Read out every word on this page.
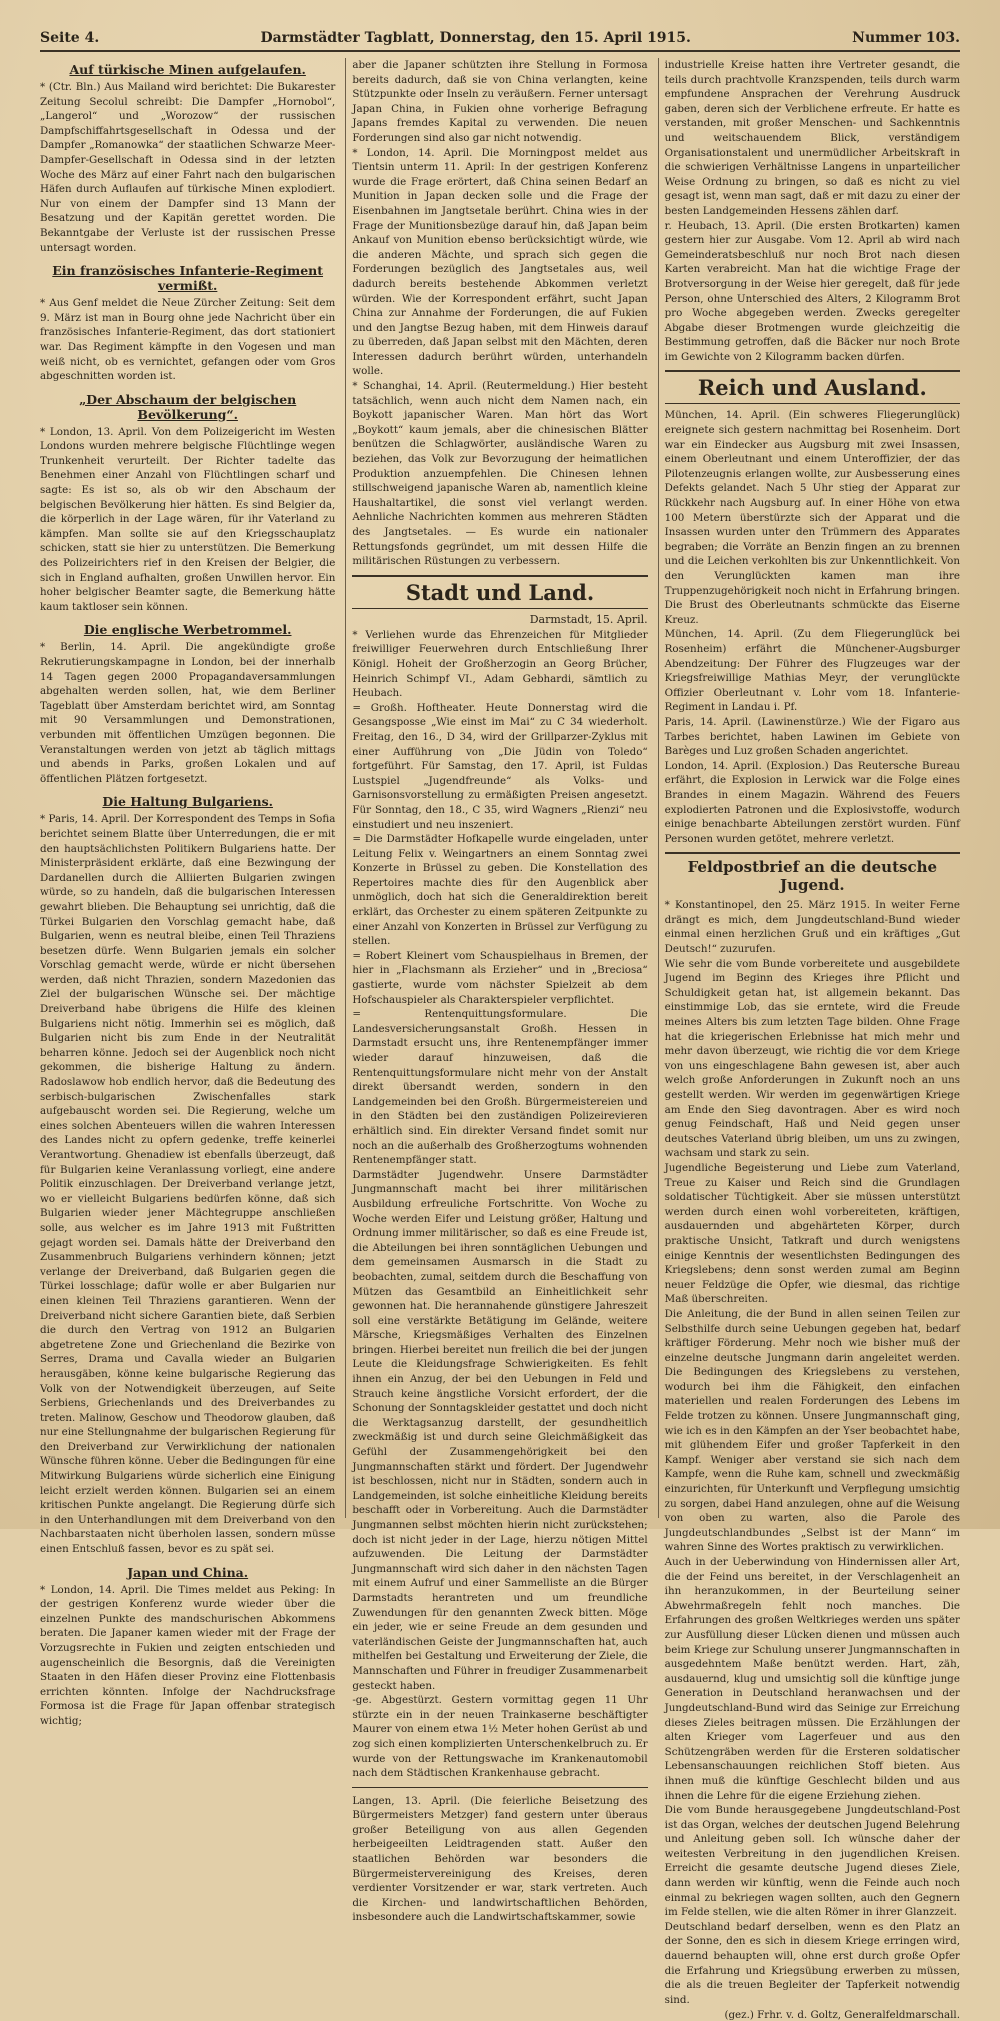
Seite 4.	Darmstädter Tagblatt, Donnerstag, den 15. April 1915.	Nummer 103.
Auf türkische Minen aufgelaufen.

* (Ctr. Bln.) Aus Mailand wird berichtet: Die Bukarester Zeitung Secolul schreibt: Die Dampfer „Hornobol“, „Langerol“ und „Worozow“ der russischen Dampfschiffahrtsgesellschaft in Odessa und der Dampfer „Romanowka“ der staatlichen Schwarze Meer-Dampfer-Gesellschaft in Odessa sind in der letzten Woche des März auf einer Fahrt nach den bulgarischen Häfen durch Auflaufen auf türkische Minen explodiert. Nur von einem der Dampfer sind 13 Mann der Besatzung und der Kapitän gerettet worden. Die Bekanntgabe der Verluste ist der russischen Presse untersagt worden.

Ein französisches Infanterie-Regiment vermißt.

* Aus Genf meldet die Neue Zürcher Zeitung: Seit dem 9. März ist man in Bourg ohne jede Nachricht über ein französisches Infanterie-Regiment, das dort stationiert war. Das Regiment kämpfte in den Vogesen und man weiß nicht, ob es vernichtet, gefangen oder vom Gros abgeschnitten worden ist.

„Der Abschaum der belgischen Bevölkerung“.

* London, 13. April. Von dem Polizeigericht im Westen Londons wurden mehrere belgische Flüchtlinge wegen Trunkenheit verurteilt. Der Richter tadelte das Benehmen einer Anzahl von Flüchtlingen scharf und sagte: Es ist so, als ob wir den Abschaum der belgischen Bevölkerung hier hätten. Es sind Belgier da, die körperlich in der Lage wären, für ihr Vaterland zu kämpfen. Man sollte sie auf den Kriegsschauplatz schicken, statt sie hier zu unterstützen. Die Bemerkung des Polizeirichters rief in den Kreisen der Belgier, die sich in England aufhalten, großen Unwillen hervor. Ein hoher belgischer Beamter sagte, die Bemerkung hätte kaum taktloser sein können.

Die englische Werbetrommel.

* Berlin, 14. April. Die angekündigte große Rekrutierungskampagne in London, bei der innerhalb 14 Tagen gegen 2000 Propagandaversammlungen abgehalten werden sollen, hat, wie dem Berliner Tageblatt über Amsterdam berichtet wird, am Sonntag mit 90 Versammlungen und Demonstrationen, verbunden mit öffentlichen Umzügen begonnen. Die Veranstaltungen werden von jetzt ab täglich mittags und abends in Parks, großen Lokalen und auf öffentlichen Plätzen fortgesetzt.

Die Haltung Bulgariens.

* Paris, 14. April. Der Korrespondent des Temps in Sofia berichtet seinem Blatte über Unterredungen, die er mit den hauptsächlichsten Politikern Bulgariens hatte. Der Ministerpräsident erklärte, daß eine Bezwingung der Dardanellen durch die Alliierten Bulgarien zwingen würde, so zu handeln, daß die bulgarischen Interessen gewahrt blieben. Die Behauptung sei unrichtig, daß die Türkei Bulgarien den Vorschlag gemacht habe, daß Bulgarien, wenn es neutral bleibe, einen Teil Thraziens besetzen dürfe. Wenn Bulgarien jemals ein solcher Vorschlag gemacht werde, würde er nicht übersehen werden, daß nicht Thrazien, sondern Mazedonien das Ziel der bulgarischen Wünsche sei. Der mächtige Dreiverband habe übrigens die Hilfe des kleinen Bulgariens nicht nötig. Immerhin sei es möglich, daß Bulgarien nicht bis zum Ende in der Neutralität beharren könne. Jedoch sei der Augenblick noch nicht gekommen, die bisherige Haltung zu ändern. Radoslawow hob endlich hervor, daß die Bedeutung des serbisch-bulgarischen Zwischenfalles stark aufgebauscht worden sei. Die Regierung, welche um eines solchen Abenteuers willen die wahren Interessen des Landes nicht zu opfern gedenke, treffe keinerlei Verantwortung. Ghenadiew ist ebenfalls überzeugt, daß für Bulgarien keine Veranlassung vorliegt, eine andere Politik einzuschlagen. Der Dreiverband verlange jetzt, wo er vielleicht Bulgariens bedürfen könne, daß sich Bulgarien wieder jener Mächtegruppe anschließen solle, aus welcher es im Jahre 1913 mit Fußtritten gejagt worden sei. Damals hätte der Dreiverband den Zusammenbruch Bulgariens verhindern können; jetzt verlange der Dreiverband, daß Bulgarien gegen die Türkei losschlage; dafür wolle er aber Bulgarien nur einen kleinen Teil Thraziens garantieren. Wenn der Dreiverband nicht sichere Garantien biete, daß Serbien die durch den Vertrag von 1912 an Bulgarien abgetretene Zone und Griechenland die Bezirke von Serres, Drama und Cavalla wieder an Bulgarien herausgäben, könne keine bulgarische Regierung das Volk von der Notwendigkeit überzeugen, auf Seite Serbiens, Griechenlands und des Dreiverbandes zu treten. Malinow, Geschow und Theodorow glauben, daß nur eine Stellungnahme der bulgarischen Regierung für den Dreiverband zur Verwirklichung der nationalen Wünsche führen könne. Ueber die Bedingungen für eine Mitwirkung Bulgariens würde sicherlich eine Einigung leicht erzielt werden können. Bulgarien sei an einem kritischen Punkte angelangt. Die Regierung dürfe sich in den Unterhandlungen mit dem Dreiverband von den Nachbarstaaten nicht überholen lassen, sondern müsse einen Entschluß fassen, bevor es zu spät sei.

Japan und China.

* London, 14. April. Die Times meldet aus Peking: In der gestrigen Konferenz wurde wieder über die einzelnen Punkte des mandschurischen Abkommens beraten. Die Japaner kamen wieder mit der Frage der Vorzugsrechte in Fukien und zeigten entschieden und augenscheinlich die Besorgnis, daß die Vereinigten Staaten in den Häfen dieser Provinz eine Flottenbasis errichten könnten. Infolge der Nachdrucksfrage Formosa ist die Frage für Japan offenbar strategisch wichtig;

aber die Japaner schützten ihre Stellung in Formosa bereits dadurch, daß sie von China verlangten, keine Stützpunkte oder Inseln zu veräußern. Ferner untersagt Japan China, in Fukien ohne vorherige Befragung Japans fremdes Kapital zu verwenden. Die neuen Forderungen sind also gar nicht notwendig.

* London, 14. April. Die Morningpost meldet aus Tientsin unterm 11. April: In der gestrigen Konferenz wurde die Frage erörtert, daß China seinen Bedarf an Munition in Japan decken solle und die Frage der Eisenbahnen im Jangtsetale berührt. China wies in der Frage der Munitionsbezüge darauf hin, daß Japan beim Ankauf von Munition ebenso berücksichtigt würde, wie die anderen Mächte, und sprach sich gegen die Forderungen bezüglich des Jangtsetales aus, weil dadurch bereits bestehende Abkommen verletzt würden. Wie der Korrespondent erfährt, sucht Japan China zur Annahme der Forderungen, die auf Fukien und den Jangtse Bezug haben, mit dem Hinweis darauf zu überreden, daß Japan selbst mit den Mächten, deren Interessen dadurch berührt würden, unterhandeln wolle.

* Schanghai, 14. April. (Reutermeldung.) Hier besteht tatsächlich, wenn auch nicht dem Namen nach, ein Boykott japanischer Waren. Man hört das Wort „Boykott“ kaum jemals, aber die chinesischen Blätter benützen die Schlagwörter, ausländische Waren zu beziehen, das Volk zur Bevorzugung der heimatlichen Produktion anzuempfehlen. Die Chinesen lehnen stillschweigend japanische Waren ab, namentlich kleine Haushaltartikel, die sonst viel verlangt werden. Aehnliche Nachrichten kommen aus mehreren Städten des Jangtsetales. — Es wurde ein nationaler Rettungsfonds gegründet, um mit dessen Hilfe die militärischen Rüstungen zu verbessern.

Stadt und Land.
Darmstadt, 15. April.

* Verliehen wurde das Ehrenzeichen für Mitglieder freiwilliger Feuerwehren durch Entschließung Ihrer Königl. Hoheit der Großherzogin an Georg Brücher, Heinrich Schimpf VI., Adam Gebhardi, sämtlich zu Heubach.

= Großh. Hoftheater. Heute Donnerstag wird die Gesangsposse „Wie einst im Mai“ zu C 34 wiederholt. Freitag, den 16., D 34, wird der Grillparzer-Zyklus mit einer Aufführung von „Die Jüdin von Toledo“ fortgeführt. Für Samstag, den 17. April, ist Fuldas Lustspiel „Jugendfreunde“ als Volks- und Garnisonsvorstellung zu ermäßigten Preisen angesetzt. Für Sonntag, den 18., C 35, wird Wagners „Rienzi“ neu einstudiert und neu inszeniert.

= Die Darmstädter Hofkapelle wurde eingeladen, unter Leitung Felix v. Weingartners an einem Sonntag zwei Konzerte in Brüssel zu geben. Die Konstellation des Repertoires machte dies für den Augenblick aber unmöglich, doch hat sich die Generaldirektion bereit erklärt, das Orchester zu einem späteren Zeitpunkte zu einer Anzahl von Konzerten in Brüssel zur Verfügung zu stellen.

= Robert Kleinert vom Schauspielhaus in Bremen, der hier in „Flachsmann als Erzieher“ und in „Breciosa“ gastierte, wurde vom nächster Spielzeit ab dem Hofschauspieler als Charakterspieler verpflichtet.

= Rentenquittungsformulare. Die Landesversicherungsanstalt Großh. Hessen in Darmstadt ersucht uns, ihre Rentenempfänger immer wieder darauf hinzuweisen, daß die Rentenquittungsformulare nicht mehr von der Anstalt direkt übersandt werden, sondern in den Landgemeinden bei den Großh. Bürgermeistereien und in den Städten bei den zuständigen Polizeirevieren erhältlich sind. Ein direkter Versand findet somit nur noch an die außerhalb des Großherzogtums wohnenden Rentenempfänger statt.

Darmstädter Jugendwehr. Unsere Darmstädter Jungmannschaft macht bei ihrer militärischen Ausbildung erfreuliche Fortschritte. Von Woche zu Woche werden Eifer und Leistung größer, Haltung und Ordnung immer militärischer, so daß es eine Freude ist, die Abteilungen bei ihren sonntäglichen Uebungen und dem gemeinsamen Ausmarsch in die Stadt zu beobachten, zumal, seitdem durch die Beschaffung von Mützen das Gesamtbild an Einheitlichkeit sehr gewonnen hat. Die herannahende günstigere Jahreszeit soll eine verstärkte Betätigung im Gelände, weitere Märsche, Kriegsmäßiges Verhalten des Einzelnen bringen. Hierbei bereitet nun freilich die bei der jungen Leute die Kleidungsfrage Schwierigkeiten. Es fehlt ihnen ein Anzug, der bei den Uebungen in Feld und Strauch keine ängstliche Vorsicht erfordert, der die Schonung der Sonntagskleider gestattet und doch nicht die Werktagsanzug darstellt, der gesundheitlich zweckmäßig ist und durch seine Gleichmäßigkeit das Gefühl der Zusammengehörigkeit bei den Jungmannschaften stärkt und fördert. Der Jugendwehr ist beschlossen, nicht nur in Städten, sondern auch in Landgemeinden, ist solche einheitliche Kleidung bereits beschafft oder in Vorbereitung. Auch die Darmstädter Jungmannen selbst möchten hierin nicht zurückstehen; doch ist nicht jeder in der Lage, hierzu nötigen Mittel aufzuwenden. Die Leitung der Darmstädter Jungmannschaft wird sich daher in den nächsten Tagen mit einem Aufruf und einer Sammelliste an die Bürger Darmstadts herantreten und um freundliche Zuwendungen für den genannten Zweck bitten. Möge ein jeder, wie er seine Freude an dem gesunden und vaterländischen Geiste der Jungmannschaften hat, auch mithelfen bei Gestaltung und Erweiterung der Ziele, die Mannschaften und Führer in freudiger Zusammenarbeit gesteckt haben.

-ge. Abgestürzt. Gestern vormittag gegen 11 Uhr stürzte ein in der neuen Trainkaserne beschäftigter Maurer von einem etwa 1½ Meter hohen Gerüst ab und zog sich einen komplizierten Unterschenkelbruch zu. Er wurde von der Rettungswache im Krankenautomobil nach dem Städtischen Krankenhause gebracht.

Langen, 13. April. (Die feierliche Beisetzung des Bürgermeisters Metzger) fand gestern unter überaus großer Beteiligung von aus allen Gegenden herbeigeeilten Leidtragenden statt. Außer den staatlichen Behörden war besonders die Bürgermeistervereinigung des Kreises, deren verdienter Vorsitzender er war, stark vertreten. Auch die Kirchen- und landwirtschaftlichen Behörden, insbesondere auch die Landwirtschaftskammer, sowie

industrielle Kreise hatten ihre Vertreter gesandt, die teils durch prachtvolle Kranzspenden, teils durch warm empfundene Ansprachen der Verehrung Ausdruck gaben, deren sich der Verblichene erfreute. Er hatte es verstanden, mit großer Menschen- und Sachkenntnis und weitschauendem Blick, verständigem Organisationstalent und unermüdlicher Arbeitskraft in die schwierigen Verhältnisse Langens in unparteilicher Weise Ordnung zu bringen, so daß es nicht zu viel gesagt ist, wenn man sagt, daß er mit dazu zu einer der besten Landgemeinden Hessens zählen darf.

r. Heubach, 13. April. (Die ersten Brotkarten) kamen gestern hier zur Ausgabe. Vom 12. April ab wird nach Gemeinderatsbeschluß nur noch Brot nach diesen Karten verabreicht. Man hat die wichtige Frage der Brotversorgung in der Weise hier geregelt, daß für jede Person, ohne Unterschied des Alters, 2 Kilogramm Brot pro Woche abgegeben werden. Zwecks geregelter Abgabe dieser Brotmengen wurde gleichzeitig die Bestimmung getroffen, daß die Bäcker nur noch Brote im Gewichte von 2 Kilogramm backen dürfen.

Reich und Ausland.

München, 14. April. (Ein schweres Fliegerunglück) ereignete sich gestern nachmittag bei Rosenheim. Dort war ein Eindecker aus Augsburg mit zwei Insassen, einem Oberleutnant und einem Unteroffizier, der das Pilotenzeugnis erlangen wollte, zur Ausbesserung eines Defekts gelandet. Nach 5 Uhr stieg der Apparat zur Rückkehr nach Augsburg auf. In einer Höhe von etwa 100 Metern überstürzte sich der Apparat und die Insassen wurden unter den Trümmern des Apparates begraben; die Vorräte an Benzin fingen an zu brennen und die Leichen verkohlten bis zur Unkenntlichkeit. Von den Verunglückten kamen man ihre Truppenzugehörigkeit noch nicht in Erfahrung bringen. Die Brust des Oberleutnants schmückte das Eiserne Kreuz.

München, 14. April. (Zu dem Fliegerunglück bei Rosenheim) erfährt die Münchener-Augsburger Abendzeitung: Der Führer des Flugzeuges war der Kriegsfreiwillige Mathias Meyr, der verunglückte Offizier Oberleutnant v. Lohr vom 18. Infanterie-Regiment in Landau i. Pf.

Paris, 14. April. (Lawinenstürze.) Wie der Figaro aus Tarbes berichtet, haben Lawinen im Gebiete von Barèges und Luz großen Schaden angerichtet.

London, 14. April. (Explosion.) Das Reutersche Bureau erfährt, die Explosion in Lerwick war die Folge eines Brandes in einem Magazin. Während des Feuers explodierten Patronen und die Explosivstoffe, wodurch einige benachbarte Abteilungen zerstört wurden. Fünf Personen wurden getötet, mehrere verletzt.

Feldpostbrief an die deutsche Jugend.

* Konstantinopel, den 25. März 1915. In weiter Ferne drängt es mich, dem Jungdeutschland-Bund wieder einmal einen herzlichen Gruß und ein kräftiges „Gut Deutsch!“ zuzurufen.

Wie sehr die vom Bunde vorbereitete und ausgebildete Jugend im Beginn des Krieges ihre Pflicht und Schuldigkeit getan hat, ist allgemein bekannt. Das einstimmige Lob, das sie erntete, wird die Freude meines Alters bis zum letzten Tage bilden. Ohne Frage hat die kriegerischen Erlebnisse hat mich mehr und mehr davon überzeugt, wie richtig die vor dem Kriege von uns eingeschlagene Bahn gewesen ist, aber auch welch große Anforderungen in Zukunft noch an uns gestellt werden. Wir werden im gegenwärtigen Kriege am Ende den Sieg davontragen. Aber es wird noch genug Feindschaft, Haß und Neid gegen unser deutsches Vaterland übrig bleiben, um uns zu zwingen, wachsam und stark zu sein.

Jugendliche Begeisterung und Liebe zum Vaterland, Treue zu Kaiser und Reich sind die Grundlagen soldatischer Tüchtigkeit. Aber sie müssen unterstützt werden durch einen wohl vorbereiteten, kräftigen, ausdauernden und abgehärteten Körper, durch praktische Unsicht, Tatkraft und durch wenigstens einige Kenntnis der wesentlichsten Bedingungen des Kriegslebens; denn sonst werden zumal am Beginn neuer Feldzüge die Opfer, wie diesmal, das richtige Maß überschreiten.

Die Anleitung, die der Bund in allen seinen Teilen zur Selbsthilfe durch seine Uebungen gegeben hat, bedarf kräftiger Förderung. Mehr noch wie bisher muß der einzelne deutsche Jungmann darin angeleitet werden. Die Bedingungen des Kriegslebens zu verstehen, wodurch bei ihm die Fähigkeit, den einfachen materiellen und realen Forderungen des Lebens im Felde trotzen zu können. Unsere Jungmannschaft ging, wie ich es in den Kämpfen an der Yser beobachtet habe, mit glühendem Eifer und großer Tapferkeit in den Kampf. Weniger aber verstand sie sich nach dem Kampfe, wenn die Ruhe kam, schnell und zweckmäßig einzurichten, für Unterkunft und Verpflegung umsichtig zu sorgen, dabei Hand anzulegen, ohne auf die Weisung von oben zu warten, also die Parole des Jungdeutschlandbundes „Selbst ist der Mann“ im wahren Sinne des Wortes praktisch zu verwirklichen.

Auch in der Ueberwindung von Hindernissen aller Art, die der Feind uns bereitet, in der Verschlagenheit an ihn heranzukommen, in der Beurteilung seiner Abwehrmaßregeln fehlt noch manches. Die Erfahrungen des großen Weltkrieges werden uns später zur Ausfüllung dieser Lücken dienen und müssen auch beim Kriege zur Schulung unserer Jungmannschaften in ausgedehntem Maße benützt werden. Hart, zäh, ausdauernd, klug und umsichtig soll die künftige junge Generation in Deutschland heranwachsen und der Jungdeutschland-Bund wird das Seinige zur Erreichung dieses Zieles beitragen müssen. Die Erzählungen der alten Krieger vom Lagerfeuer und aus den Schützengräben werden für die Ersteren soldatischer Lebensanschauungen reichlichen Stoff bieten. Aus ihnen muß die künftige Geschlecht bilden und aus ihnen die Lehre für die eigene Erziehung ziehen.

Die vom Bunde herausgegebene Jungdeutschland-Post ist das Organ, welches der deutschen Jugend Belehrung und Anleitung geben soll. Ich wünsche daher der weitesten Verbreitung in den jugendlichen Kreisen. Erreicht die gesamte deutsche Jugend dieses Ziele, dann werden wir künftig, wenn die Feinde auch noch einmal zu bekriegen wagen sollten, auch den Gegnern im Felde stellen, wie die alten Römer in ihrer Glanzzeit.

Deutschland bedarf derselben, wenn es den Platz an der Sonne, den es sich in diesem Kriege erringen wird, dauernd behaupten will, ohne erst durch große Opfer die Erfahrung und Kriegsübung erwerben zu müssen, die als die treuen Begleiter der Tapferkeit notwendig sind.

(gez.) Frhr. v. d. Goltz, Generalfeldmarschall.
